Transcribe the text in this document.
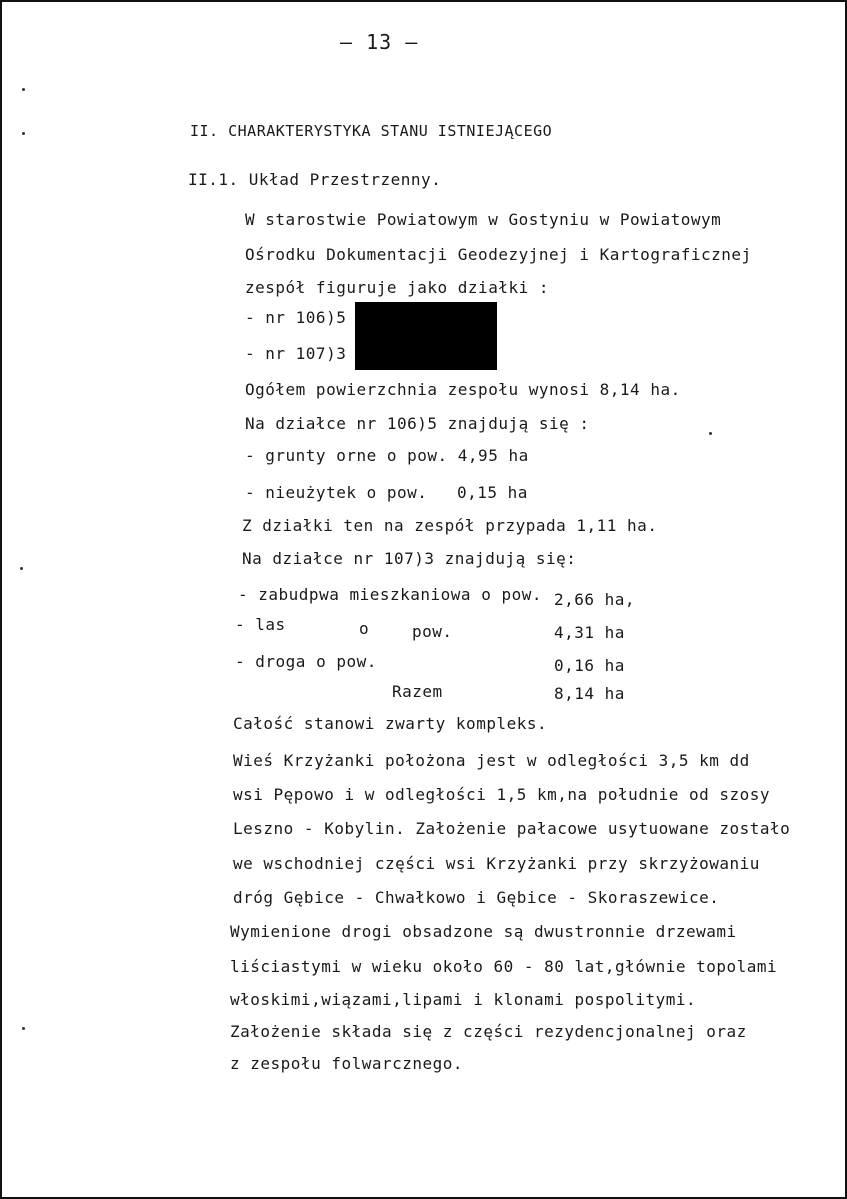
— 13 —
II. CHARAKTERYSTYKA STANU ISTNIEJĄCEGO
II.1. Układ Przestrzenny.
W starostwie Powiatowym w Gostyniu w Powiatowym
Ośrodku Dokumentacji Geodezyjnej i Kartograficznej
zespół figuruje jako działki :
- nr 106)5
- nr 107)3
Ogółem powierzchnia zespołu wynosi 8,14 ha.
Na działce nr 106)5 znajdują się :
- grunty orne o pow. 4,95 ha
- nieużytek o pow. 0,15 ha
Z działki ten na zespół przypada 1,11 ha.
Na działce nr 107)3 znajdują się:
- zabudpwa mieszkaniowa o pow. 2,66 ha,
- las	o	pow.	4,31 ha
- droga o pow.	0,16 ha
Razem	8,14 ha
Całość stanowi zwarty kompleks.
Wieś Krzyżanki położona jest w odległości 3,5 km dd
wsi Pępowo i w odległości 1,5 km,na południe od szosy
Leszno - Kobylin. Założenie pałacowe usytuowane zostało
we wschodniej części wsi Krzyżanki przy skrzyżowaniu
dróg Gębice - Chwałkowo i Gębice - Skoraszewice.
Wymienione drogi obsadzone są dwustronnie drzewami
liściastymi w wieku około 60 - 80 lat,głównie topolami
włoskimi,wiązami,lipami i klonami pospolitymi.
Założenie składa się z części rezydencjonalnej oraz
z zespołu folwarcznego.
